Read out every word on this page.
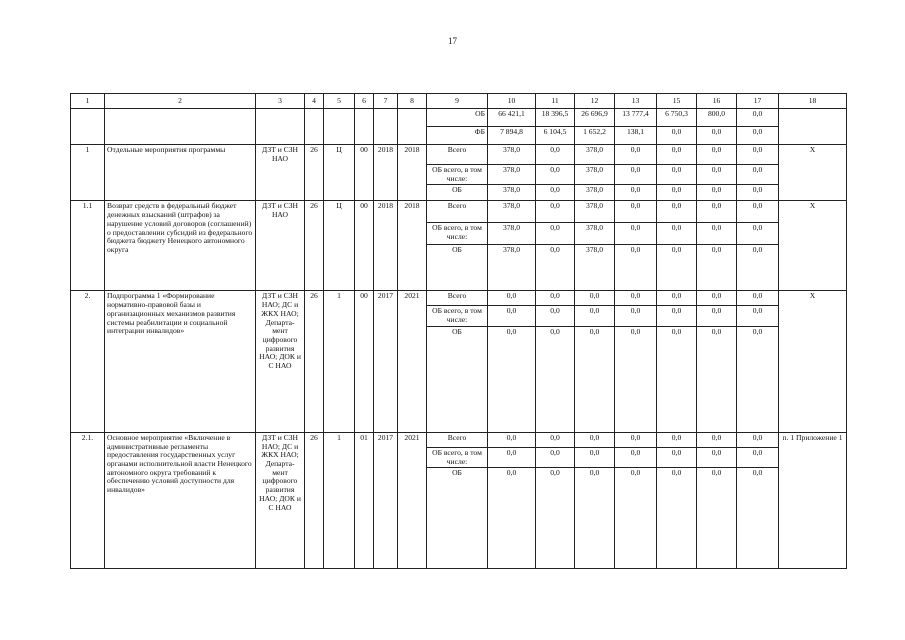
17
1	2	3	4	5	6	7	8	9	10	11	12	13	15	16	17	18
								ОБ	66 421,1	18 396,5	26 696,9	13 777,4	6 750,3	800,0	0,0	
								ФБ	7 894,8	6 104,5	1 652,2	138,1	0,0	0,0	0,0	
1	Отдельные мероприятия программы	ДЗТ и СЗН НАО	26	Ц	00	2018	2018	Всего	378,0	0,0	378,0	0,0	0,0	0,0	0,0	Х
								ОБ всего, в том числе:	378,0	0,0	378,0	0,0	0,0	0,0	0,0	
								ОБ	378,0	0,0	378,0	0,0	0,0	0,0	0,0	
1.1	Возврат средств в федеральный бюджет денежных взысканий (штрафов) за нарушение условий договоров (соглашений) о предоставлении субсидий из федерального бюджета бюджету Ненецкого автономного округа	ДЗТ и СЗН НАО	26	Ц	00	2018	2018	Всего	378,0	0,0	378,0	0,0	0,0	0,0	0,0	Х
								ОБ всего, в том числе:	378,0	0,0	378,0	0,0	0,0	0,0	0,0	
								ОБ	378,0	0,0	378,0	0,0	0,0	0,0	0,0	
2.	Подпрограмма 1 «Формирование нормативно-правовой базы и организационных механизмов развития системы реабилитации и социальной интеграции инвалидов»	ДЗТ и СЗН НАО; ДС и ЖКХ НАО; Департа-мент цифрового развития НАО; ДОК и С НАО	26	1	00	2017	2021	Всего	0,0	0,0	0,0	0,0	0,0	0,0	0,0	Х
								ОБ всего, в том числе:	0,0	0,0	0,0	0,0	0,0	0,0	0,0	
								ОБ	0,0	0,0	0,0	0,0	0,0	0,0	0,0	
2.1.	Основное мероприятие «Включение в административные регламенты предоставления государственных услуг органами исполнительной власти Ненецкого автономного округа требований к обеспечению условий доступности для инвалидов»	ДЗТ и СЗН НАО; ДС и ЖКХ НАО; Департа-мент цифрового развития НАО; ДОК и С НАО	26	1	01	2017	2021	Всего	0,0	0,0	0,0	0,0	0,0	0,0	0,0	п. 1 Приложение 1
								ОБ всего, в том числе:	0,0	0,0	0,0	0,0	0,0	0,0	0,0	
								ОБ	0,0	0,0	0,0	0,0	0,0	0,0	0,0	
